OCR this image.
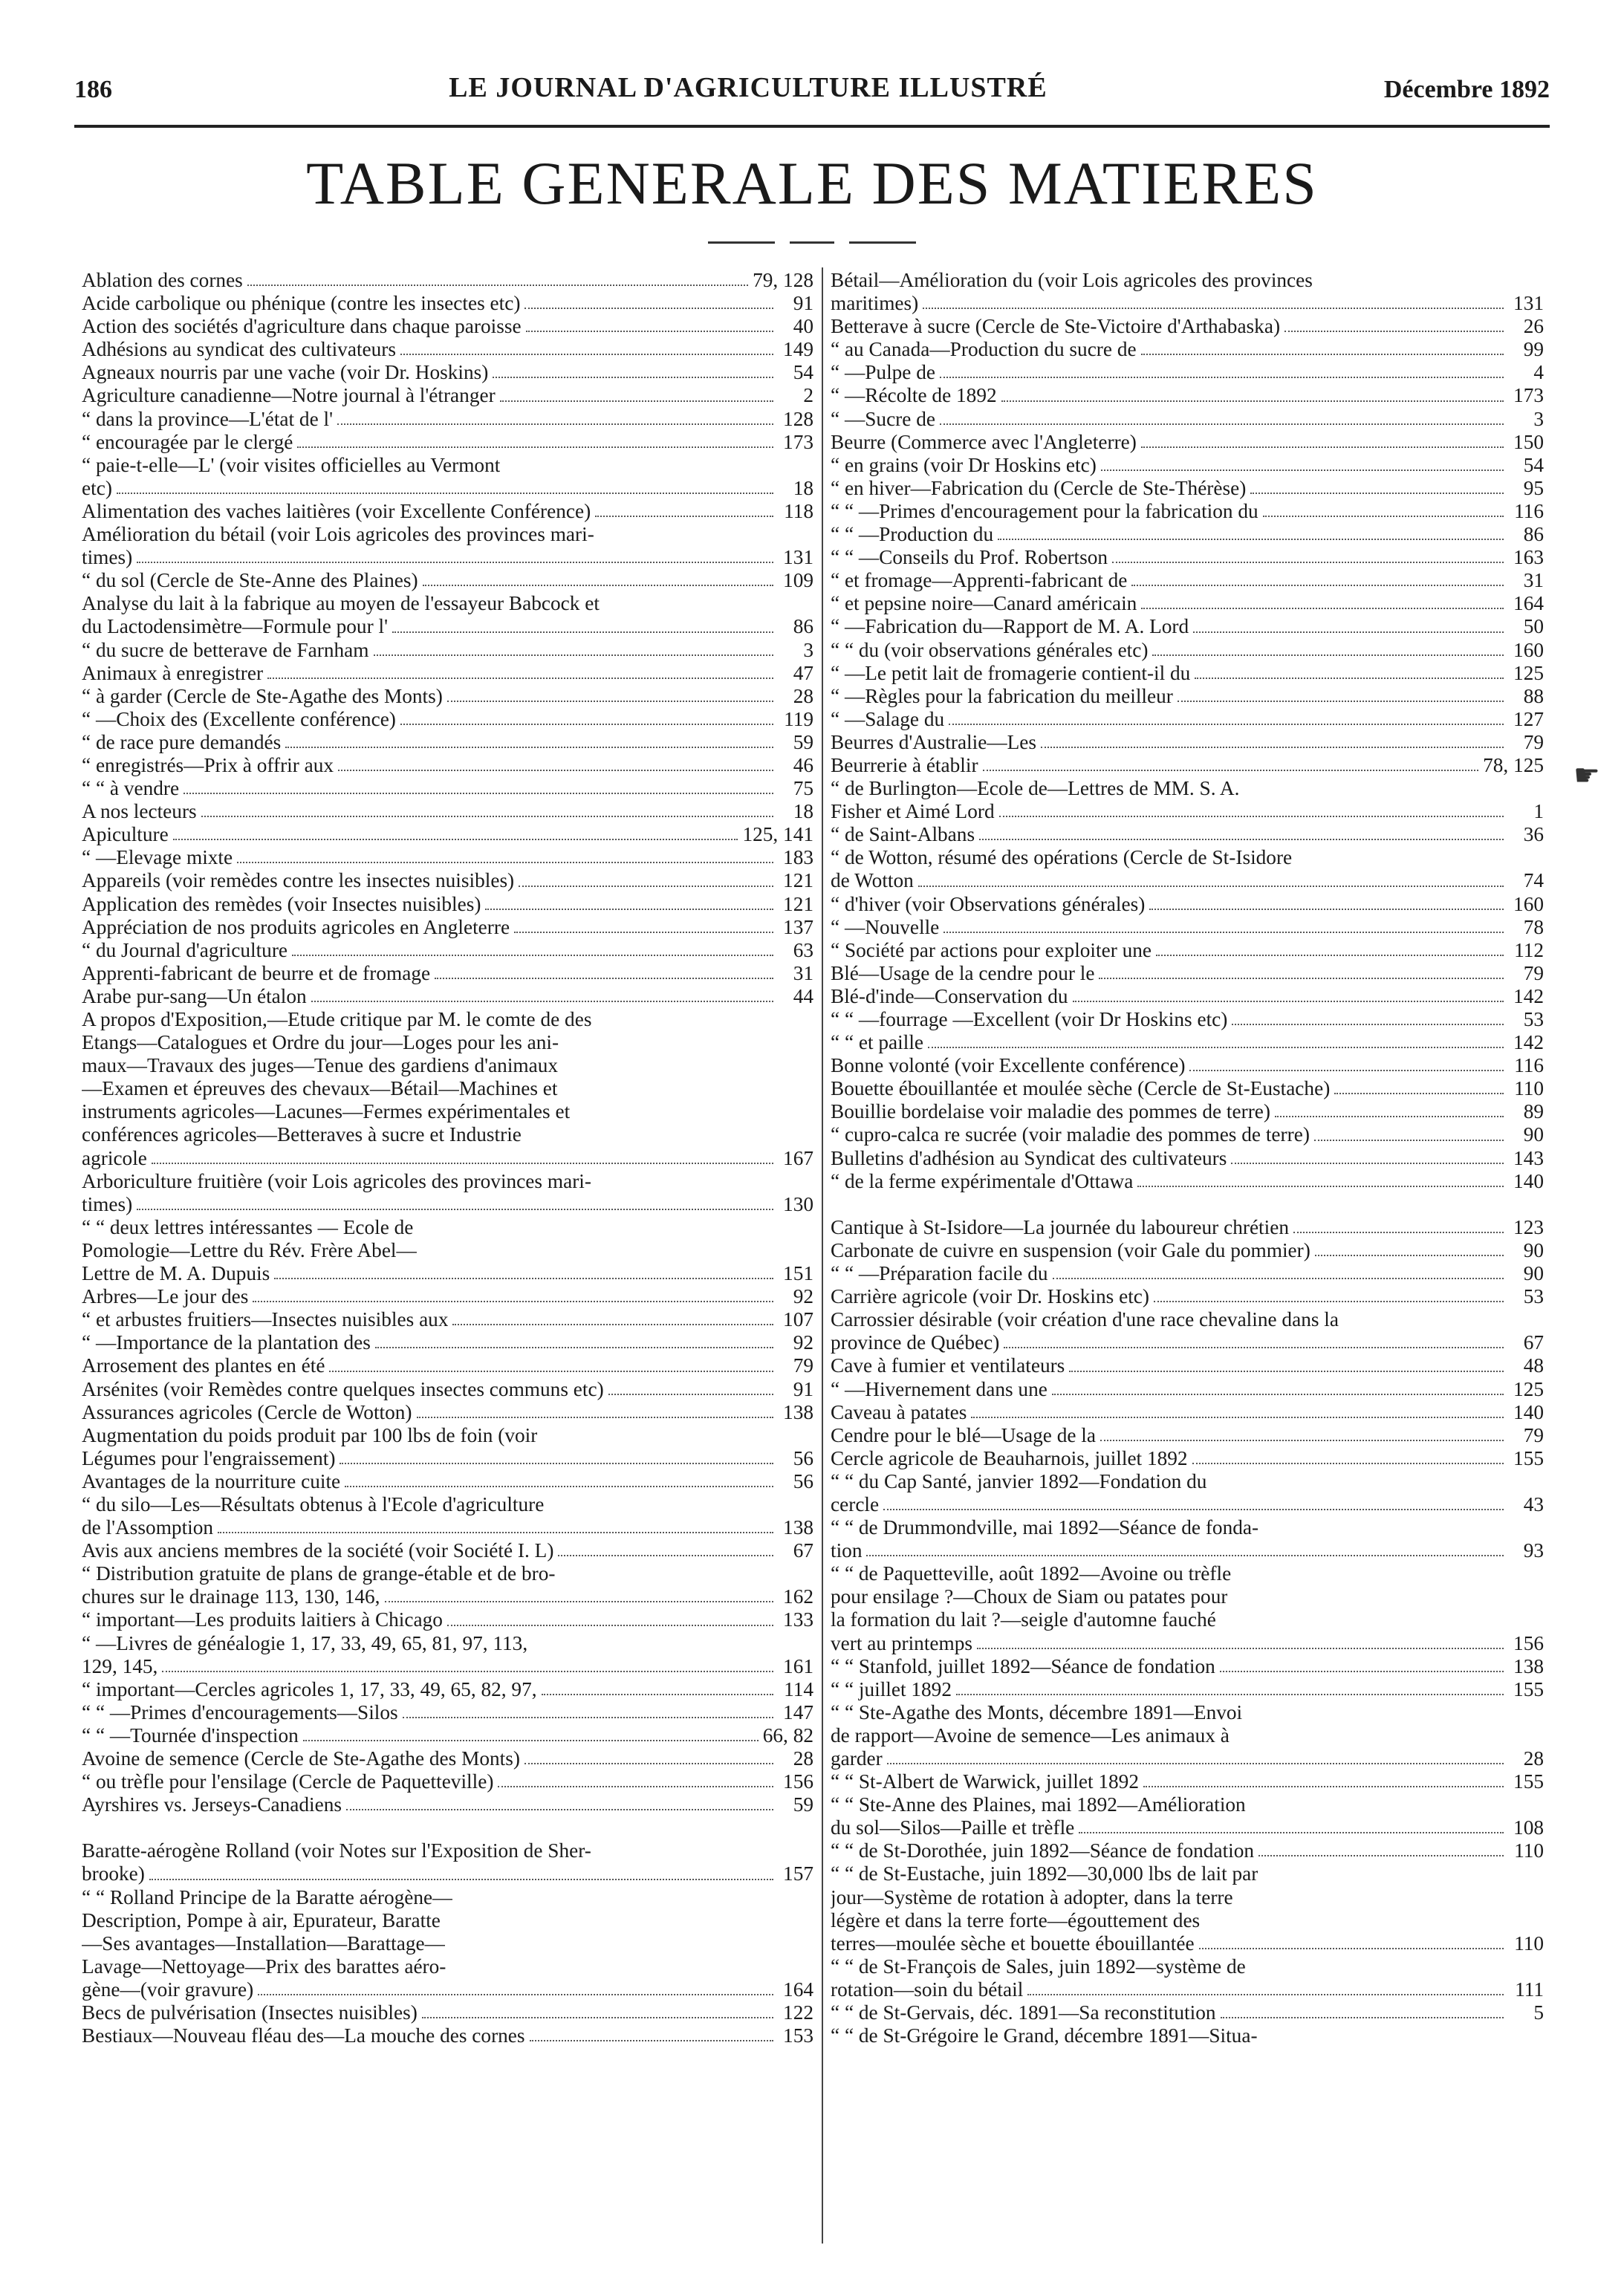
186	LE JOURNAL D'AGRICULTURE ILLUSTRÉ	Décembre 1892
TABLE GENERALE DES MATIERES
Ablation des cornes	79, 128
Acide carbolique ou phénique (contre les insectes etc)	91
Action des sociétés d'agriculture dans chaque paroisse	40
Adhésions au syndicat des cultivateurs	149
Agneaux nourris par une vache (voir Dr. Hoskins)	54
Agriculture canadienne—Notre journal à l'étranger	2
“ dans la province—L'état de l'	128
“ encouragée par le clergé	173
“ paie-t-elle—L' (voir visites officielles au Vermont
etc)	18
Alimentation des vaches laitières (voir Excellente Conférence)	118
Amélioration du bétail (voir Lois agricoles des provinces mari-
times)	131
“ du sol (Cercle de Ste-Anne des Plaines)	109
Analyse du lait à la fabrique au moyen de l'essayeur Babcock et
du Lactodensimètre—Formule pour l'	86
“ du sucre de betterave de Farnham	3
Animaux à enregistrer	47
“ à garder (Cercle de Ste-Agathe des Monts)	28
“ —Choix des (Excellente conférence)	119
“ de race pure demandés	59
“ enregistrés—Prix à offrir aux	46
“ “ à vendre	75
A nos lecteurs	18
Apiculture	125, 141
“ —Elevage mixte	183
Appareils (voir remèdes contre les insectes nuisibles)	121
Application des remèdes (voir Insectes nuisibles)	121
Appréciation de nos produits agricoles en Angleterre	137
“ du Journal d'agriculture	63
Apprenti-fabricant de beurre et de fromage	31
Arabe pur-sang—Un étalon	44
A propos d'Exposition,—Etude critique par M. le comte de des
Etangs—Catalogues et Ordre du jour—Loges pour les ani-
maux—Travaux des juges—Tenue des gardiens d'animaux
—Examen et épreuves des chevaux—Bétail—Machines et
instruments agricoles—Lacunes—Fermes expérimentales et
conférences agricoles—Betteraves à sucre et Industrie
agricole	167
Arboriculture fruitière (voir Lois agricoles des provinces mari-
times)	130
“ “ deux lettres intéressantes — Ecole de
Pomologie—Lettre du Rév. Frère Abel—
Lettre de M. A. Dupuis	151
Arbres—Le jour des	92
“ et arbustes fruitiers—Insectes nuisibles aux	107
“ —Importance de la plantation des	92
Arrosement des plantes en été	79
Arsénites (voir Remèdes contre quelques insectes communs etc)	91
Assurances agricoles (Cercle de Wotton)	138
Augmentation du poids produit par 100 lbs de foin (voir
Légumes pour l'engraissement)	56
Avantages de la nourriture cuite	56
“ du silo—Les—Résultats obtenus à l'Ecole d'agriculture
de l'Assomption	138
Avis aux anciens membres de la société (voir Société I. L)	67
“ Distribution gratuite de plans de grange-étable et de bro-
chures sur le drainage 113, 130, 146,	162
“ important—Les produits laitiers à Chicago	133
“ —Livres de généalogie 1, 17, 33, 49, 65, 81, 97, 113,
129, 145,	161
“ important—Cercles agricoles 1, 17, 33, 49, 65, 82, 97,	114
“ “ —Primes d'encouragements—Silos	147
“ “ —Tournée d'inspection	66, 82
Avoine de semence (Cercle de Ste-Agathe des Monts)	28
“ ou trèfle pour l'ensilage (Cercle de Paquetteville)	156
Ayrshires vs. Jerseys-Canadiens	59
Baratte-aérogène Rolland (voir Notes sur l'Exposition de Sher-
brooke)	157
“ “ Rolland Principe de la Baratte aérogène—
Description, Pompe à air, Epurateur, Baratte
—Ses avantages—Installation—Barattage—
Lavage—Nettoyage—Prix des barattes aéro-
gène—(voir gravure)	164
Becs de pulvérisation (Insectes nuisibles)	122
Bestiaux—Nouveau fléau des—La mouche des cornes	153
Bétail—Amélioration du (voir Lois agricoles des provinces
maritimes)	131
Betterave à sucre (Cercle de Ste-Victoire d'Arthabaska)	26
“ au Canada—Production du sucre de	99
“ —Pulpe de	4
“ —Récolte de 1892	173
“ —Sucre de	3
Beurre (Commerce avec l'Angleterre)	150
“ en grains (voir Dr Hoskins etc)	54
“ en hiver—Fabrication du (Cercle de Ste-Thérèse)	95
“ “ —Primes d'encouragement pour la fabrication du	116
“ “ —Production du	86
“ “ —Conseils du Prof. Robertson	163
“ et fromage—Apprenti-fabricant de	31
“ et pepsine noire—Canard américain	164
“ —Fabrication du—Rapport de M. A. Lord	50
“ “ du (voir observations générales etc)	160
“ —Le petit lait de fromagerie contient-il du	125
“ —Règles pour la fabrication du meilleur	88
“ —Salage du	127
Beurres d'Australie—Les	79
Beurrerie à établir	78, 125
“ de Burlington—Ecole de—Lettres de MM. S. A.
Fisher et Aimé Lord	1
“ de Saint-Albans	36
“ de Wotton, résumé des opérations (Cercle de St-Isidore
de Wotton	74
“ d'hiver (voir Observations générales)	160
“ —Nouvelle	78
“ Société par actions pour exploiter une	112
Blé—Usage de la cendre pour le	79
Blé-d'inde—Conservation du	142
“ “ —fourrage —Excellent (voir Dr Hoskins etc)	53
“ “ et paille	142
Bonne volonté (voir Excellente conférence)	116
Bouette ébouillantée et moulée sèche (Cercle de St-Eustache)	110
Bouillie bordelaise voir maladie des pommes de terre)	89
“ cupro-calca re sucrée (voir maladie des pommes de terre)	90
Bulletins d'adhésion au Syndicat des cultivateurs	143
“ de la ferme expérimentale d'Ottawa	140
Cantique à St-Isidore—La journée du laboureur chrétien	123
Carbonate de cuivre en suspension (voir Gale du pommier)	90
“ “ —Préparation facile du	90
Carrière agricole (voir Dr. Hoskins etc)	53
Carrossier désirable (voir création d'une race chevaline dans la
province de Québec)	67
Cave à fumier et ventilateurs	48
“ —Hivernement dans une	125
Caveau à patates	140
Cendre pour le blé—Usage de la	79
Cercle agricole de Beauharnois, juillet 1892	155
“ “ du Cap Santé, janvier 1892—Fondation du
cercle	43
“ “ de Drummondville, mai 1892—Séance de fonda-
tion	93
“ “ de Paquetteville, août 1892—Avoine ou trèfle
pour ensilage ?—Choux de Siam ou patates pour
la formation du lait ?—seigle d'automne fauché
vert au printemps	156
“ “ Stanfold, juillet 1892—Séance de fondation	138
“ “ juillet 1892	155
“ “ Ste-Agathe des Monts, décembre 1891—Envoi
de rapport—Avoine de semence—Les animaux à
garder	28
“ “ St-Albert de Warwick, juillet 1892	155
“ “ Ste-Anne des Plaines, mai 1892—Amélioration
du sol—Silos—Paille et trèfle	108
“ “ de St-Dorothée, juin 1892—Séance de fondation	110
“ “ de St-Eustache, juin 1892—30,000 lbs de lait par
jour—Système de rotation à adopter, dans la terre
légère et dans la terre forte—égouttement des
terres—moulée sèche et bouette ébouillantée	110
“ “ de St-François de Sales, juin 1892—système de
rotation—soin du bétail	111
“ “ de St-Gervais, déc. 1891—Sa reconstitution	5
“ “ de St-Grégoire le Grand, décembre 1891—Situa-
☛
